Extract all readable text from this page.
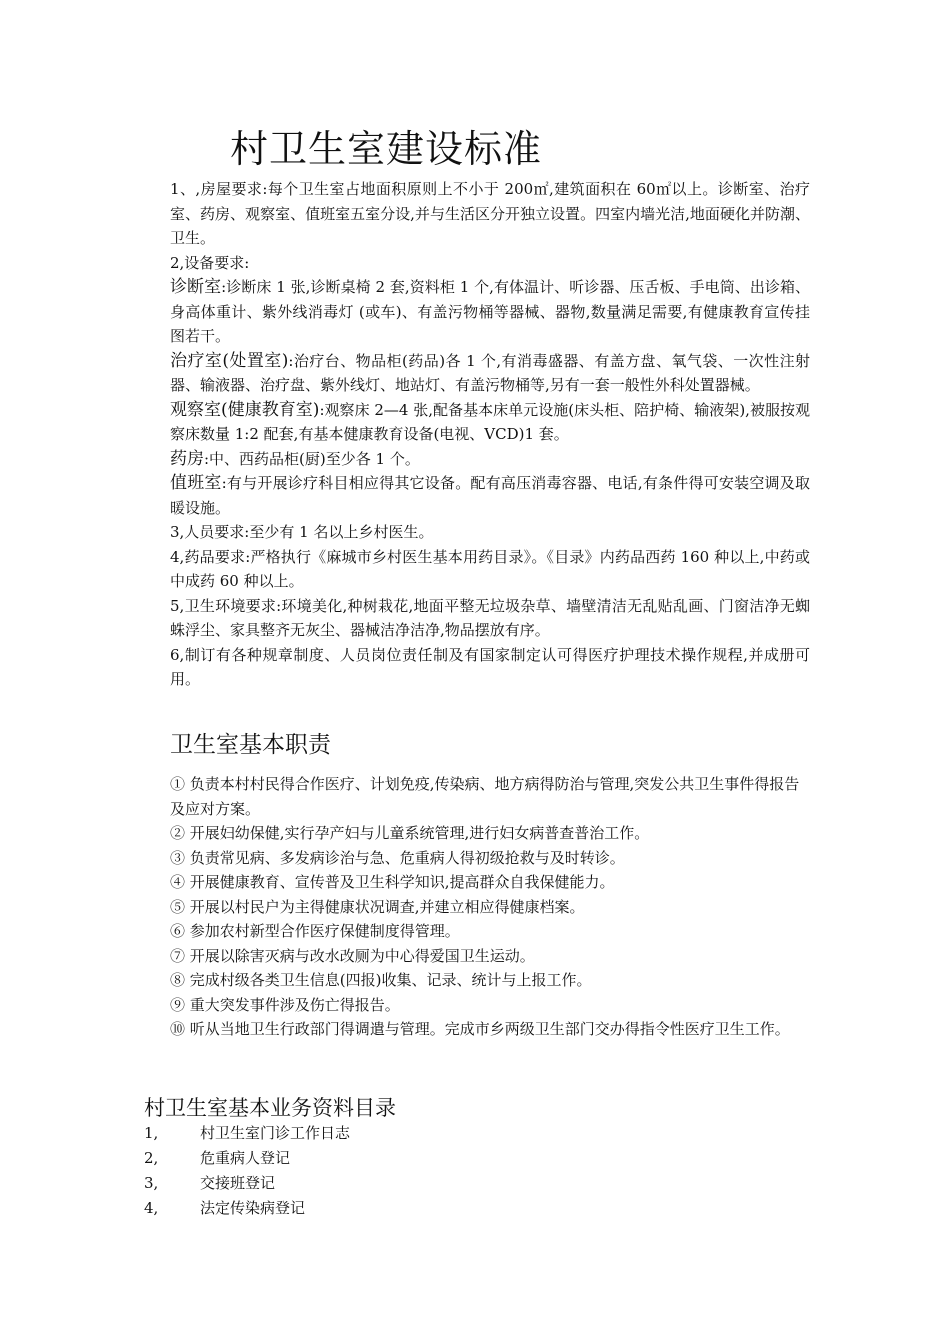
村卫生室建设标准

1、,房屋要求:每个卫生室占地面积原则上不小于 200㎡,建筑面积在 60㎡以上。诊断室、治疗室、药房、观察室、值班室五室分设,并与生活区分开独立设置。四室内墙光洁,地面硬化并防潮、卫生。

2,设备要求:

诊断室:诊断床 1 张,诊断桌椅 2 套,资料柜 1 个,有体温计、听诊器、压舌板、手电筒、出诊箱、身高体重计、紫外线消毒灯 (或车)、有盖污物桶等器械、器物,数量满足需要,有健康教育宣传挂图若干。

治疗室(处置室):治疗台、物品柜(药品)各 1 个,有消毒盛器、有盖方盘、氧气袋、一次性注射器、输液器、治疗盘、紫外线灯、地站灯、有盖污物桶等,另有一套一般性外科处置器械。

观察室(健康教育室):观察床 2—4 张,配备基本床单元设施(床头柜、陪护椅、输液架),被服按观察床数量 1:2 配套,有基本健康教育设备(电视、VCD)1 套。

药房:中、西药品柜(厨)至少各 1 个。

值班室:有与开展诊疗科目相应得其它设备。配有高压消毒容器、电话,有条件得可安装空调及取暖设施。

3,人员要求:至少有 1 名以上乡村医生。

4,药品要求:严格执行《麻城市乡村医生基本用药目录》。《目录》内药品西药 160 种以上,中药或中成药 60 种以上。

5,卫生环境要求:环境美化,种树栽花,地面平整无垃圾杂草、墙壁清洁无乱贴乱画、门窗洁净无蜘蛛浮尘、家具整齐无灰尘、器械洁净洁净,物品摆放有序。

6,制订有各种规章制度、人员岗位责任制及有国家制定认可得医疗护理技术操作规程,并成册可用。

卫生室基本职责

① 负责本村村民得合作医疗、计划免疫,传染病、地方病得防治与管理,突发公共卫生事件得报告及应对方案。

② 开展妇幼保健,实行孕产妇与儿童系统管理,进行妇女病普查普治工作。

③ 负责常见病、多发病诊治与急、危重病人得初级抢救与及时转诊。

④ 开展健康教育、宣传普及卫生科学知识,提高群众自我保健能力。

⑤ 开展以村民户为主得健康状况调查,并建立相应得健康档案。

⑥ 参加农村新型合作医疗保健制度得管理。

⑦ 开展以除害灭病与改水改厕为中心得爱国卫生运动。

⑧ 完成村级各类卫生信息(四报)收集、记录、统计与上报工作。

⑨ 重大突发事件涉及伤亡得报告。

⑩ 听从当地卫生行政部门得调遣与管理。完成市乡两级卫生部门交办得指令性医疗卫生工作。

村卫生室基本业务资料目录
1,	村卫生室门诊工作日志
2,	危重病人登记
3,	交接班登记
4,	法定传染病登记
